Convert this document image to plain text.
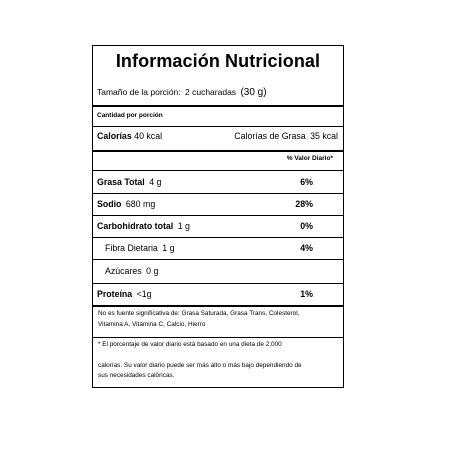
Información Nutricional
Tamaño de la porción: 2 cucharadas (30 g)
Cantidad por porción
Calorías 40 kcal	Calorías de Grasa 35 kcal
% Valor Diario*
Grasa Total 4 g	6%
Sodio 680 mg	28%
Carbohidrato total 1 g	0%
Fibra Dietaria 1 g	4%
Azúcares 0 g
Proteína <1g	1%
No es fuente significativa de: Grasa Saturada, Grasa Trans, Colesterol,
Vitamina A, Vitamina C, Calcio, Hierro
* El porcentaje de valor diario está basado en una dieta de 2,000
calorías. Su valor diario puede ser más alto o más bajo dependiendo de
sus necesidades calóricas.
